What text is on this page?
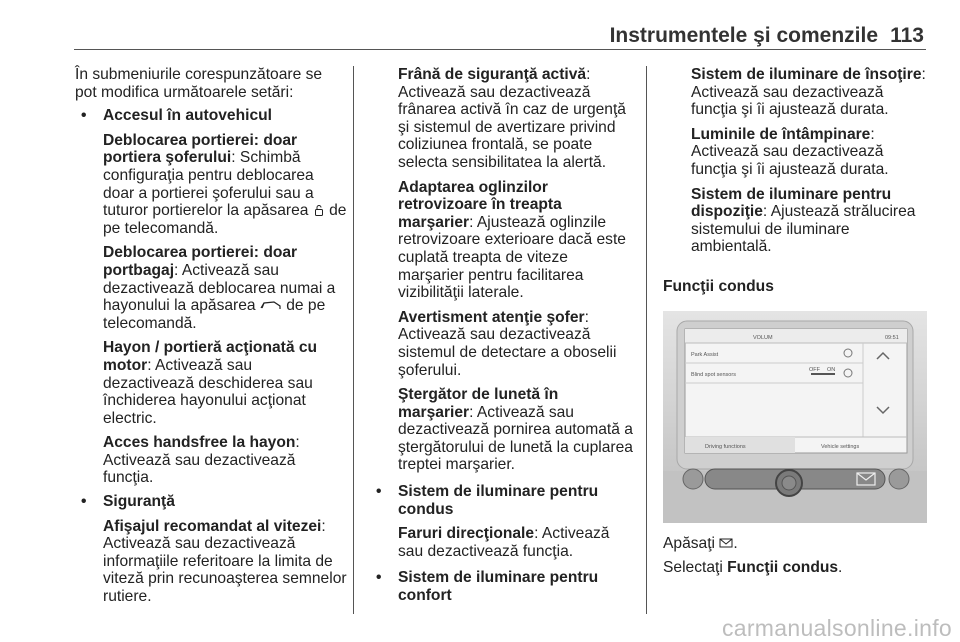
Instrumentele şi comenzile 113

În submeniurile corespunzătoare se pot modifica următoarele setări:

• Accesul în autovehicul

Deblocarea portierei: doar portiera şoferului: Schimbă configuraţia pentru deblocarea doar a portierei şoferului sau a tuturor portierelor la apăsarea  de pe telecomandă.

Deblocarea portierei: doar portbagaj: Activează sau dezactivează deblocarea numai a hayonului la apăsarea  de pe telecomandă.

Hayon / portieră acţionată cu motor: Activează sau dezactivează deschiderea sau închiderea hayonului acţionat electric.

Acces handsfree la hayon: Activează sau dezactivează funcţia.

• Siguranţă

Afişajul recomandat al vitezei: Activează sau dezactivează informaţiile referitoare la limita de viteză prin recunoaşterea semnelor rutiere.

Frână de siguranţă activă: Activează sau dezactivează frânarea activă în caz de urgenţă şi sistemul de avertizare privind coliziunea frontală, se poate selecta sensibilitatea la alertă.

Adaptarea oglinzilor retrovizoare în treapta marşarier: Ajustează oglinzile retrovizoare exterioare dacă este cuplată treapta de viteze marşarier pentru facilitarea vizibilităţii laterale.

Avertisment atenţie şofer: Activează sau dezactivează sistemul de detectare a oboselii şoferului.

Ştergător de lunetă în marşarier: Activează sau dezactivează pornirea automată a ştergătorului de lunetă la cuplarea treptei marşarier.

• Sistem de iluminare pentru condus

Faruri direcţionale: Activează sau dezactivează funcţia.

• Sistem de iluminare pentru confort

Sistem de iluminare de însoţire: Activează sau dezactivează funcţia şi îi ajustează durata.

Luminile de întâmpinare: Activează sau dezactivează funcţia şi îi ajustează durata.

Sistem de iluminare pentru dispoziţie: Ajustează strălucirea sistemului de iluminare ambientală.

Funcţii condus

VOLUM	09:51
Park Assist
Blind spot sensors
OFF ON
Driving functions	Vehicle settings

Apăsaţi .

Selectaţi Funcţii condus.

carmanualsonline.info
